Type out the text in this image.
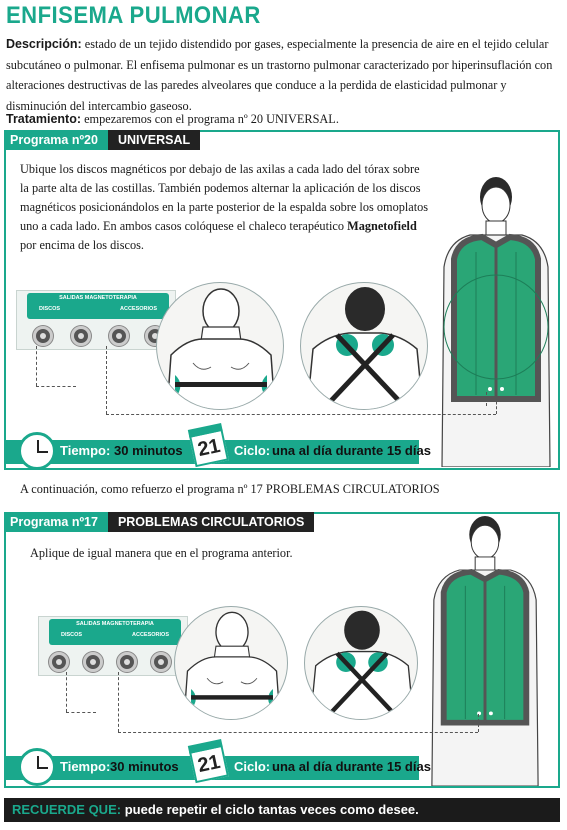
ENFISEMA PULMONAR
Descripción: estado de un tejido distendido por gases, especialmente la presencia de aire en el tejido celular subcutáneo o pulmonar. El enfisema pulmonar es un trastorno pulmonar caracterizado por hiperinsuflación con alteraciones destructivas de las paredes alveolares que conduce a la perdida de elasticidad pulmonar y disminución del intercambio gaseoso.
Tratamiento: empezaremos con el programa nº 20 UNIVERSAL.
Programa nº20	UNIVERSAL
Ubique los discos magnéticos por debajo de las axilas a cada lado del tórax sobre la parte alta de las costillas. También podemos alternar la aplicación de los discos magnéticos posicionándolos en la parte posterior de la espalda sobre los omoplatos uno a cada lado. En ambos casos colóquese el chaleco terapéutico Magnetofield por encima de los discos.
SALIDAS MAGNETOTERAPIA
DISCOS	ACCESORIOS
Tiempo: 30 minutos	Ciclo: una al día durante 15 días
21
A continuación, como refuerzo el programa nº 17 PROBLEMAS CIRCULATORIOS
Programa nº17	PROBLEMAS CIRCULATORIOS
Aplique de igual manera que en el programa anterior.
SALIDAS MAGNETOTERAPIA
DISCOS	ACCESORIOS
Tiempo: 30 minutos	Ciclo: una al día durante 15 días
21
RECUERDE QUE: puede repetir el ciclo tantas veces como desee.
